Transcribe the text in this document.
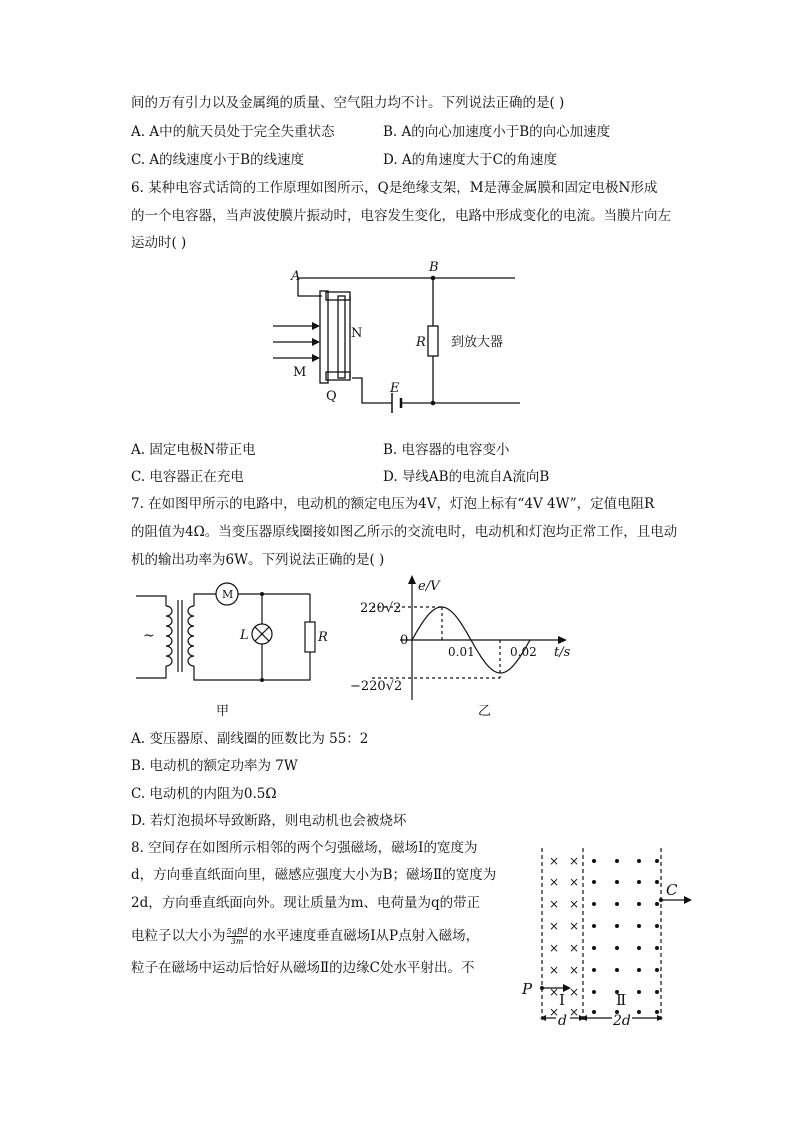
间的万有引力以及金属绳的质量、空气阻力均不计。下列说法正确的是( )
A. A中的航天员处于完全失重状态	B. A的向心加速度小于B的向心加速度
C. A的线速度小于B的线速度	D. A的角速度大于C的角速度
6. 某种电容式话筒的工作原理如图所示，Q是绝缘支架，M是薄金属膜和固定电极N形成
的一个电容器，当声波使膜片振动时，电容发生变化，电路中形成变化的电流。当膜片向左
运动时( )
A
B
N
M
Q
E
R 到放大器
A. 固定电极N带正电	B. 电容器的电容变小
C. 电容器正在充电	D. 导线AB的电流自A流向B
7. 在如图甲所示的电路中，电动机的额定电压为4V，灯泡上标有“4V 4W”，定值电阻R
的阻值为4Ω。当变压器原线圈接如图乙所示的交流电时，电动机和灯泡均正常工作，且电动
机的输出功率为6W。下列说法正确的是( )
~
M
L	R
甲
e/V
220√2
−220√2
0
0.01	0.02 t/s
乙
A. 变压器原、副线圈的匝数比为 55：2
B. 电动机的额定功率为 7W
C. 电动机的内阻为0.5Ω
D. 若灯泡损坏导致断路，则电动机也会被烧坏
8. 空间存在如图所示相邻的两个匀强磁场，磁场Ⅰ的宽度为
d，方向垂直纸面向里，磁感应强度大小为B；磁场Ⅱ的宽度为
2d，方向垂直纸面向外。现让质量为m、电荷量为q的带正
电粒子以大小为 5qBd
3m 的水平速度垂直磁场Ⅰ从P点射入磁场，
粒子在磁场中运动后恰好从磁场Ⅱ的边缘C处水平射出。不
× ×
× ×
× ×
× ×
× ×
× ×
× ×
× ×
P
C
Ⅰ	Ⅱ
d	2d
